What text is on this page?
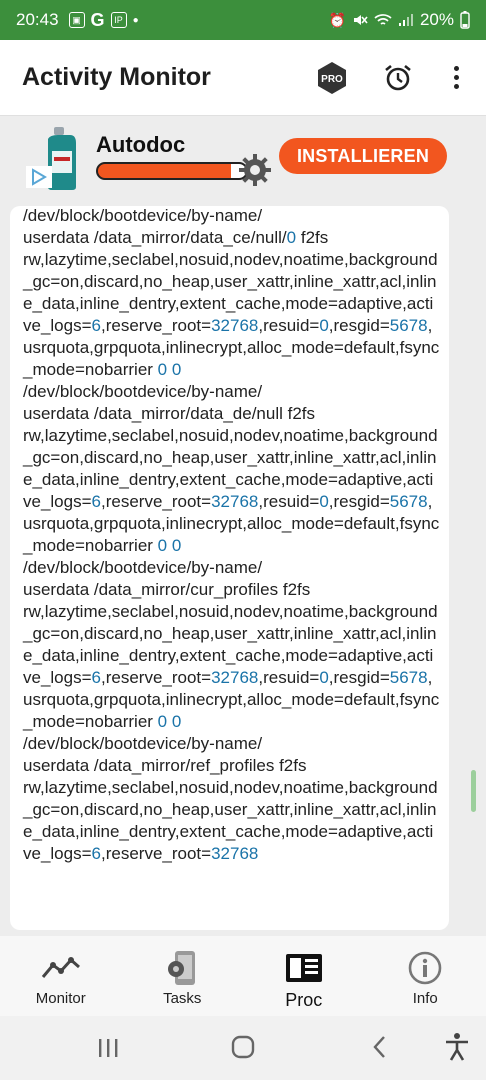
20:43	▣ G	IP ●	⏰	20%
Activity Monitor	PRO
Autodoc	INSTALLIEREN
/dev/block/bootdevice/by-name/
userdata /data_mirror/data_ce/null/0 f2fs
rw,lazytime,seclabel,nosuid,nodev,noatime,background_gc=on,discard,no_heap,user_xattr,inline_xattr,acl,inline_data,inline_dentry,extent_cache,mode=adaptive,active_logs=6,reserve_root=32768,resuid=0,resgid=5678,usrquota,grpquota,inlinecrypt,alloc_mode=default,fsync_mode=nobarrier 0 0
/dev/block/bootdevice/by-name/
userdata /data_mirror/data_de/null f2fs
rw,lazytime,seclabel,nosuid,nodev,noatime,background_gc=on,discard,no_heap,user_xattr,inline_xattr,acl,inline_data,inline_dentry,extent_cache,mode=adaptive,active_logs=6,reserve_root=32768,resuid=0,resgid=5678,usrquota,grpquota,inlinecrypt,alloc_mode=default,fsync_mode=nobarrier 0 0
/dev/block/bootdevice/by-name/
userdata /data_mirror/cur_profiles f2fs
rw,lazytime,seclabel,nosuid,nodev,noatime,background_gc=on,discard,no_heap,user_xattr,inline_xattr,acl,inline_data,inline_dentry,extent_cache,mode=adaptive,active_logs=6,reserve_root=32768,resuid=0,resgid=5678,usrquota,grpquota,inlinecrypt,alloc_mode=default,fsync_mode=nobarrier 0 0
/dev/block/bootdevice/by-name/
userdata /data_mirror/ref_profiles f2fs
rw,lazytime,seclabel,nosuid,nodev,noatime,background_gc=on,discard,no_heap,user_xattr,inline_xattr,acl,inline_data,inline_dentry,extent_cache,mode=adaptive,active_logs=6,reserve_root=32768
Monitor	Tasks	Proc	Info
